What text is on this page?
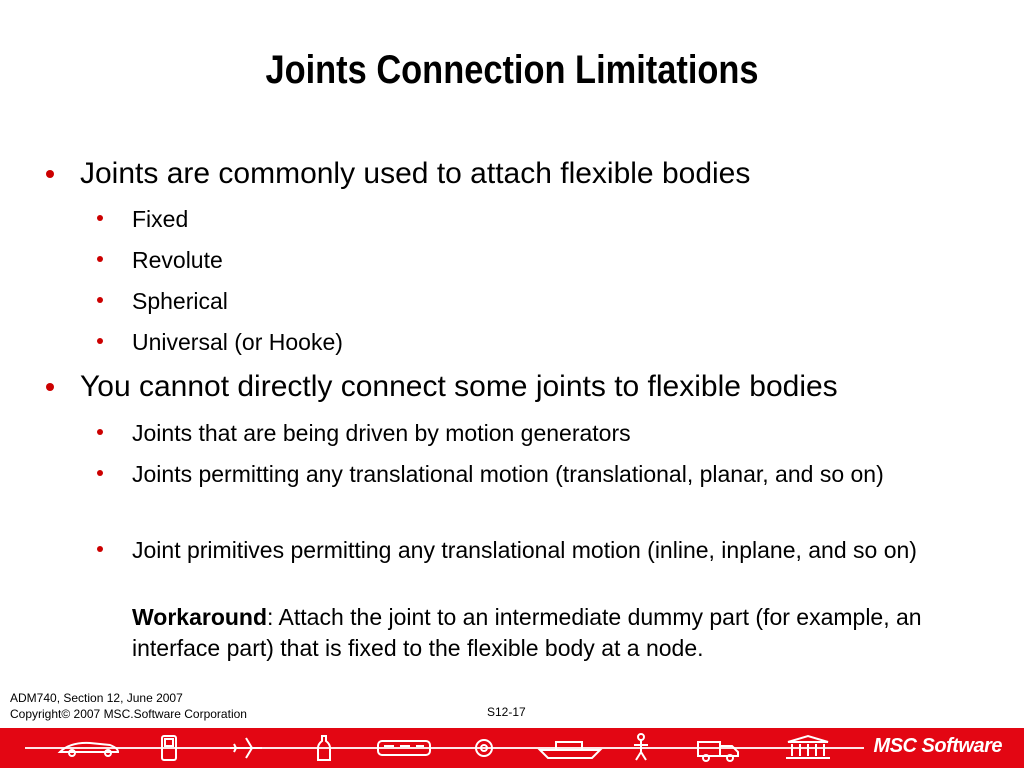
Joints Connection Limitations
Joints are commonly used to attach flexible bodies
Fixed
Revolute
Spherical
Universal (or Hooke)
You cannot directly connect some joints to flexible bodies
Joints that are being driven by motion generators
Joints permitting any translational motion (translational, planar, and so on)
Joint primitives permitting any translational motion (inline, inplane, and so on)
Workaround: Attach the joint to an intermediate dummy part (for example, an interface part) that is fixed to the flexible body at a node.
ADM740, Section 12, June 2007
Copyright© 2007 MSC.Software Corporation	S12-17
MSC Software
